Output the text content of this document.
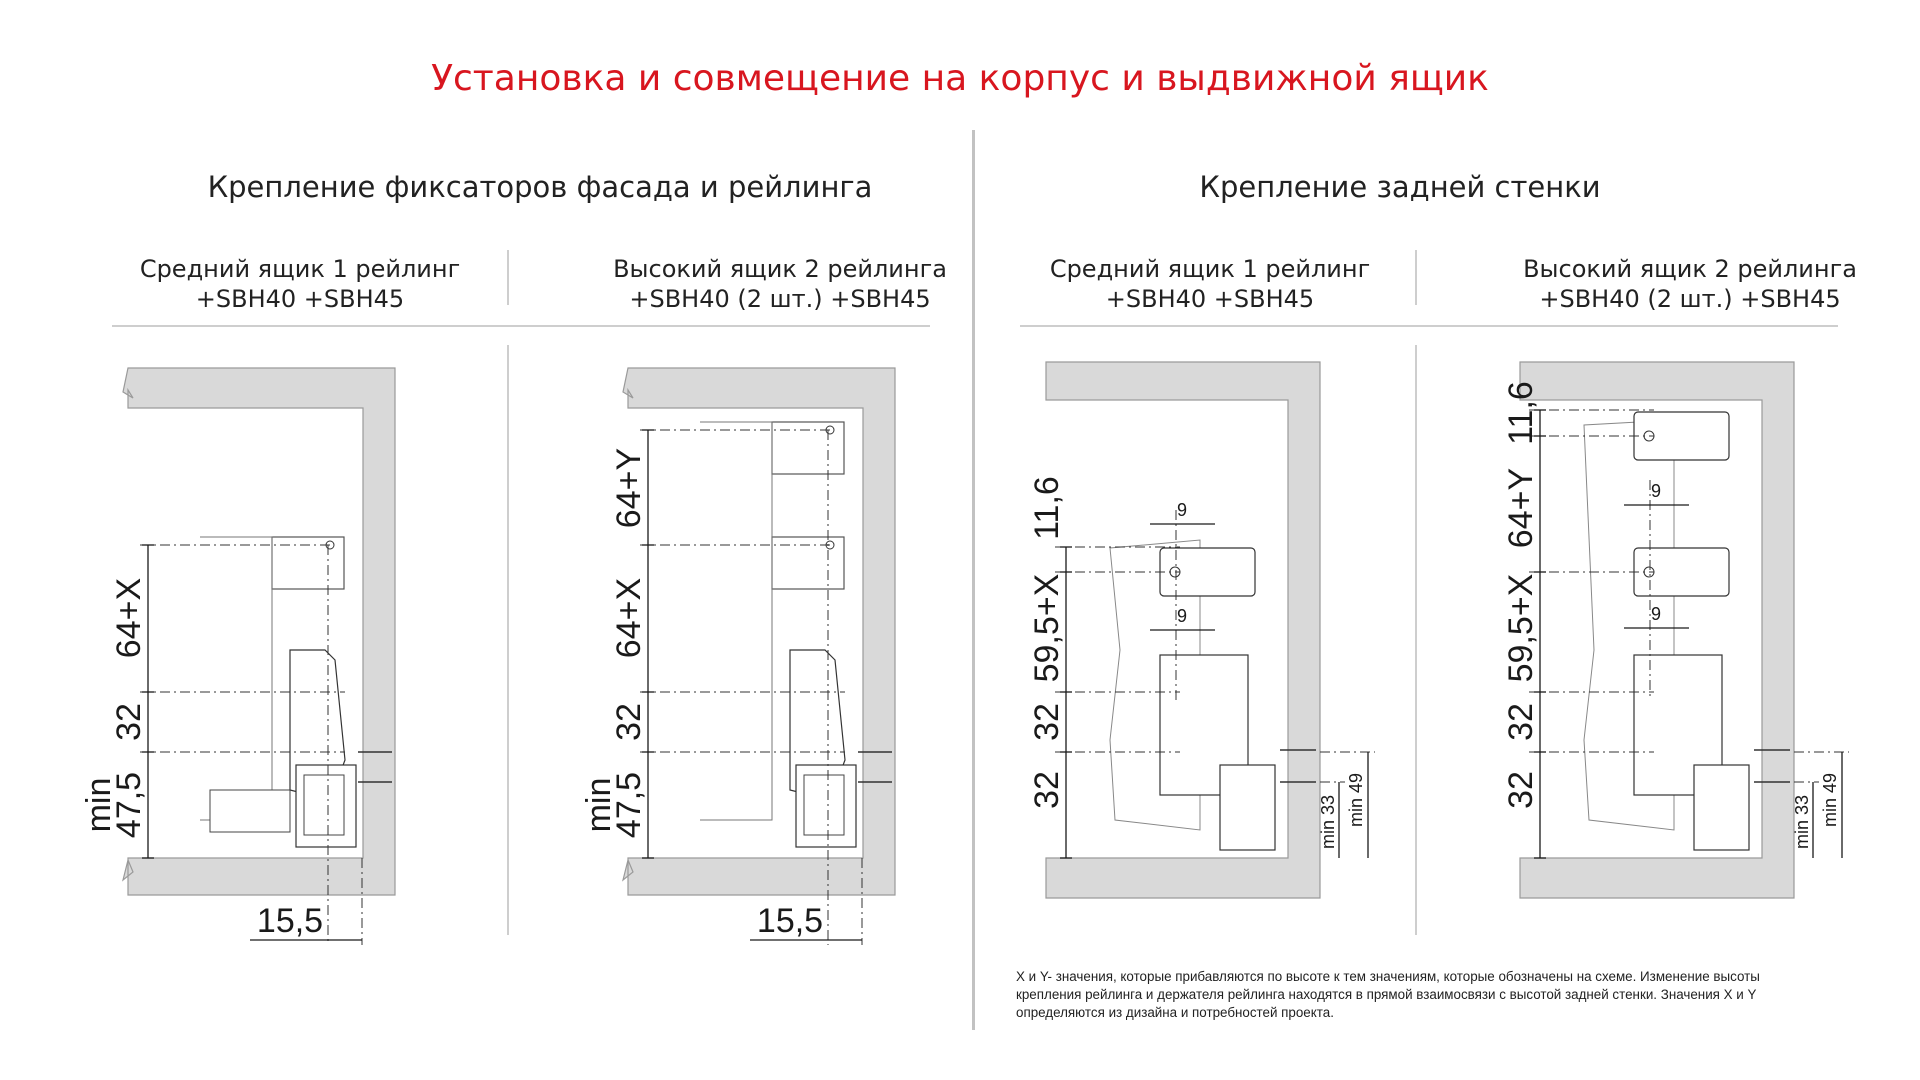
Установка и совмещение на корпус и выдвижной ящик
Крепление фиксаторов фасада и рейлинга	Крепление задней стенки
Средний ящик 1 рейлинг
+SBH40 +SBH45
Высокий ящик 2 рейлинга
+SBH40 (2 шт.) +SBH45
Средний ящик 1 рейлинг
+SBH40 +SBH45
Высокий ящик 2 рейлинга
+SBH40 (2 шт.) +SBH45
64+X
32
min
47,5
15,5
64+Y
64+X
32
min
47,5
15,5
11,6
59,5+X
32
32
9
9
min 33 min 49
11,6
64+Y
59,5+X
32
32
9
9
min 33 min 49
X и Y- значения, которые прибавляются по высоте к тем значениям, которые обозначены на схеме. Изменение высоты крепления рейлинга и держателя рейлинга находятся в прямой взаимосвязи с высотой задней стенки. Значения X и Y определяются из дизайна и потребностей проекта.
